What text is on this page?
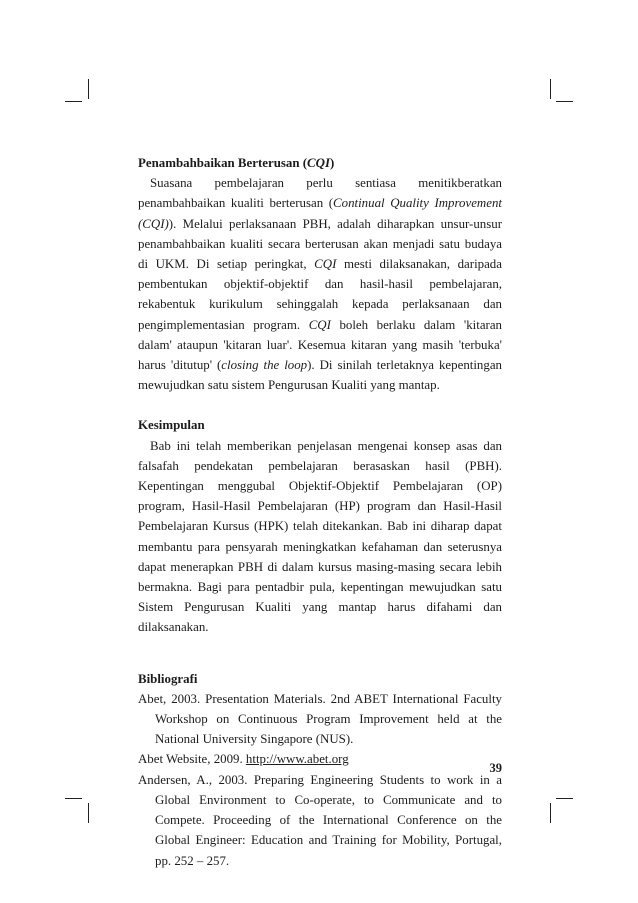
Penambahbaikan Berterusan (CQI)

Suasana pembelajaran perlu sentiasa menitikberatkan penambahbaikan kualiti berterusan (Continual Quality Improvement (CQI)). Melalui perlaksanaan PBH, adalah diharapkan unsur-unsur penambahbaikan kualiti secara berterusan akan menjadi satu budaya di UKM. Di setiap peringkat, CQI mesti dilaksanakan, daripada pembentukan objektif-objektif dan hasil-hasil pembelajaran, rekabentuk kurikulum sehinggalah kepada perlaksanaan dan pengimplementasian program. CQI boleh berlaku dalam 'kitaran dalam' ataupun 'kitaran luar'. Kesemua kitaran yang masih 'terbuka' harus 'ditutup' (closing the loop). Di sinilah terletaknya kepentingan mewujudkan satu sistem Pengurusan Kualiti yang mantap.

Kesimpulan

Bab ini telah memberikan penjelasan mengenai konsep asas dan falsafah pendekatan pembelajaran berasaskan hasil (PBH). Kepentingan menggubal Objektif-Objektif Pembelajaran (OP) program, Hasil-Hasil Pembelajaran (HP) program dan Hasil-Hasil Pembelajaran Kursus (HPK) telah ditekankan. Bab ini diharap dapat membantu para pensyarah meningkatkan kefahaman dan seterusnya dapat menerapkan PBH di dalam kursus masing-masing secara lebih bermakna. Bagi para pentadbir pula, kepentingan mewujudkan satu Sistem Pengurusan Kualiti yang mantap harus difahami dan dilaksanakan.

Bibliografi

Abet, 2003. Presentation Materials. 2nd ABET International Faculty Workshop on Continuous Program Improvement held at the National University Singapore (NUS).

Abet Website, 2009. http://www.abet.org

Andersen, A., 2003. Preparing Engineering Students to work in a Global Environment to Co-operate, to Communicate and to Compete. Proceeding of the International Conference on the Global Engineer: Education and Training for Mobility, Portugal, pp. 252 – 257.

39
